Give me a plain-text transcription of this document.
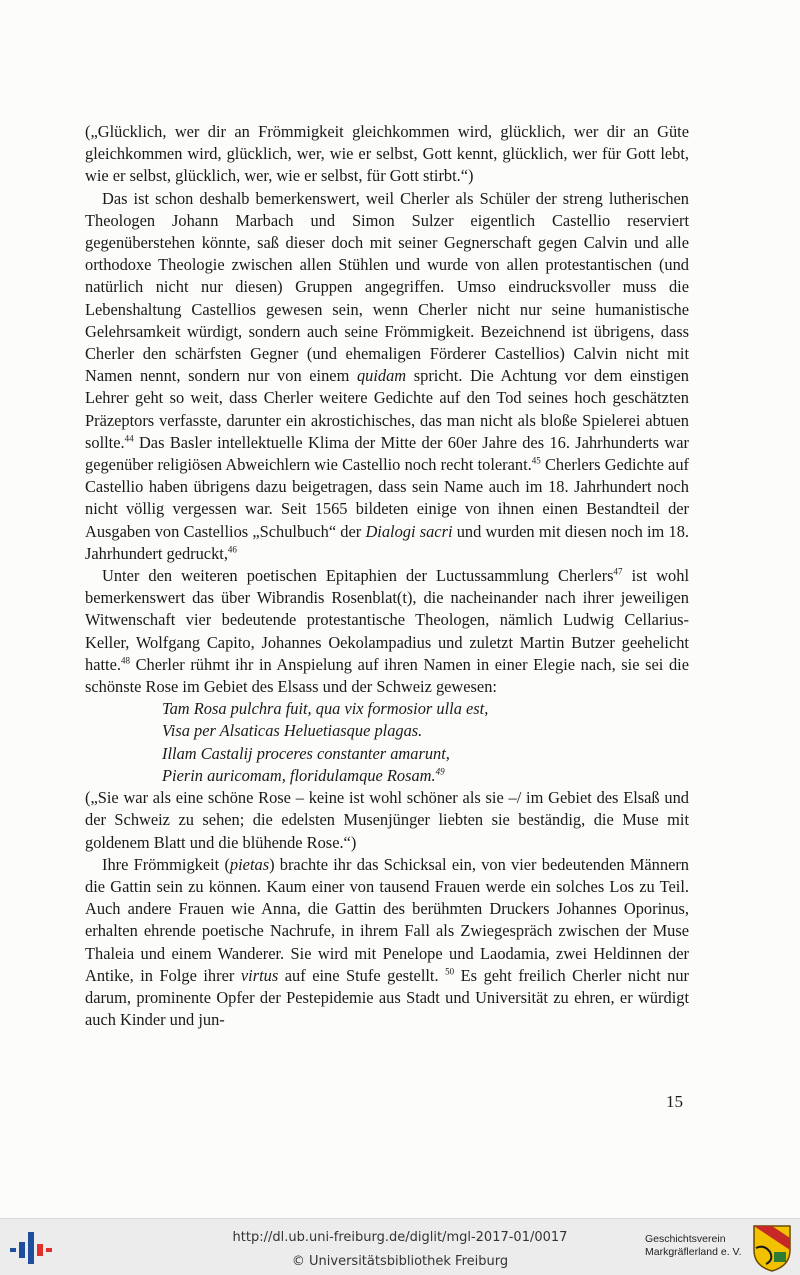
(„Glücklich, wer dir an Frömmigkeit gleichkommen wird, glücklich, wer dir an Güte gleichkommen wird, glücklich, wer, wie er selbst, Gott kennt, glücklich, wer für Gott lebt, wie er selbst, glücklich, wer, wie er selbst, für Gott stirbt.“)

Das ist schon deshalb bemerkenswert, weil Cherler als Schüler der streng lutherischen Theologen Johann Marbach und Simon Sulzer eigentlich Castellio reserviert gegenüberstehen könnte, saß dieser doch mit seiner Gegnerschaft gegen Calvin und alle orthodoxe Theologie zwischen allen Stühlen und wurde von allen protestantischen (und natürlich nicht nur diesen) Gruppen angegriffen. Umso eindrucksvoller muss die Lebenshaltung Castellios gewesen sein, wenn Cherler nicht nur seine humanistische Gelehrsamkeit würdigt, sondern auch seine Frömmigkeit. Bezeichnend ist übrigens, dass Cherler den schärfsten Gegner (und ehemaligen Förderer Castellios) Calvin nicht mit Namen nennt, sondern nur von einem quidam spricht. Die Achtung vor dem einstigen Lehrer geht so weit, dass Cherler weitere Gedichte auf den Tod seines hoch geschätzten Präzeptors verfasste, darunter ein akrostichisches, das man nicht als bloße Spielerei abtuen sollte.$^{44}$ Das Basler intellektuelle Klima der Mitte der 60er Jahre des 16. Jahrhunderts war gegenüber religiösen Abweichlern wie Castellio noch recht tolerant.$^{45}$ Cherlers Gedichte auf Castellio haben übrigens dazu beigetragen, dass sein Name auch im 18. Jahrhundert noch nicht völlig vergessen war. Seit 1565 bildeten einige von ihnen einen Bestandteil der Ausgaben von Castellios „Schulbuch“ der Dialogi sacri und wurden mit diesen noch im 18. Jahrhundert gedruckt,$^{46}$

Unter den weiteren poetischen Epitaphien der Luctussammlung Cherlers$^{47}$ ist wohl bemerkenswert das über Wibrandis Rosenblat(t), die nacheinander nach ihrer jeweiligen Witwenschaft vier bedeutende protestantische Theologen, nämlich Ludwig Cellarius-Keller, Wolfgang Capito, Johannes Oekolampadius und zuletzt Martin Butzer geehelicht hatte.$^{48}$ Cherler rühmt ihr in Anspielung auf ihren Namen in einer Elegie nach, sie sei die schönste Rose im Gebiet des Elsass und der Schweiz gewesen:

Tam Rosa pulchra fuit, qua vix formosior ulla est,
Visa per Alsaticas Heluetiasque plagas.
Illam Castalij proceres constanter amarunt,
Pierin auricomam, floridulamque Rosam.$^{49}$

(„Sie war als eine schöne Rose – keine ist wohl schöner als sie –/ im Gebiet des Elsaß und der Schweiz zu sehen; die edelsten Musenjünger liebten sie beständig, die Muse mit goldenem Blatt und die blühende Rose.“)

Ihre Frömmigkeit (pietas) brachte ihr das Schicksal ein, von vier bedeutenden Männern die Gattin sein zu können. Kaum einer von tausend Frauen werde ein solches Los zu Teil. Auch andere Frauen wie Anna, die Gattin des berühmten Druckers Johannes Oporinus, erhalten ehrende poetische Nachrufe, in ihrem Fall als Zwiegespräch zwischen der Muse Thaleia und einem Wanderer. Sie wird mit Penelope und Laodamia, zwei Heldinnen der Antike, in Folge ihrer virtus auf eine Stufe gestellt. $^{50}$ Es geht freilich Cherler nicht nur darum, prominente Opfer der Pestepidemie aus Stadt und Universität zu ehren, er würdigt auch Kinder und jun-

15
http://dl.ub.uni-freiburg.de/diglit/mgl-2017-01/0017
© Universitätsbibliothek Freiburg
Geschichtsverein
Markgräflerland e. V.
